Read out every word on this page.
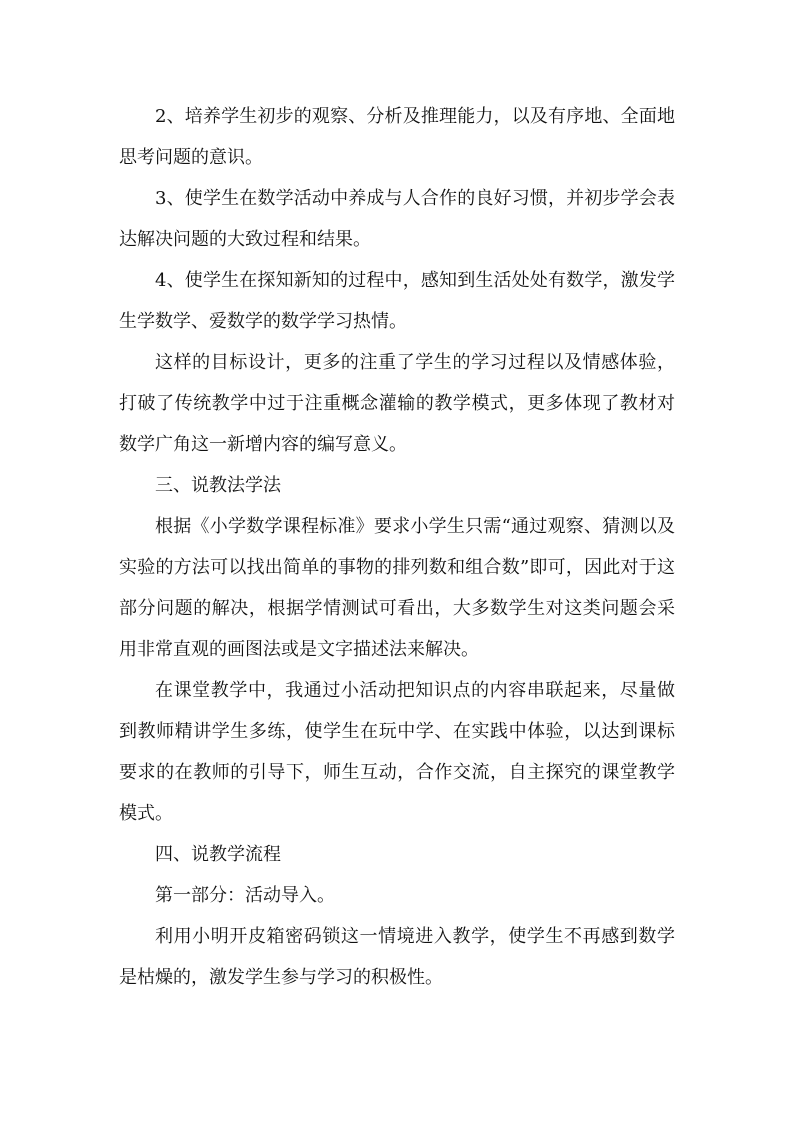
2、培养学生初步的观察、分析及推理能力，以及有序地、全面地思考问题的意识。

3、使学生在数学活动中养成与人合作的良好习惯，并初步学会表达解决问题的大致过程和结果。

4、使学生在探知新知的过程中，感知到生活处处有数学，激发学生学数学、爱数学的数学学习热情。

这样的目标设计，更多的注重了学生的学习过程以及情感体验，打破了传统教学中过于注重概念灌输的教学模式，更多体现了教材对数学广角这一新增内容的编写意义。

三、说教法学法

根据《小学数学课程标准》要求小学生只需“通过观察、猜测以及实验的方法可以找出简单的事物的排列数和组合数”即可，因此对于这部分问题的解决，根据学情测试可看出，大多数学生对这类问题会采用非常直观的画图法或是文字描述法来解决。

在课堂教学中，我通过小活动把知识点的内容串联起来，尽量做到教师精讲学生多练，使学生在玩中学、在实践中体验，以达到课标要求的在教师的引导下，师生互动，合作交流，自主探究的课堂教学模式。

四、说教学流程

第一部分：活动导入。

利用小明开皮箱密码锁这一情境进入教学，使学生不再感到数学是枯燥的，激发学生参与学习的积极性。
